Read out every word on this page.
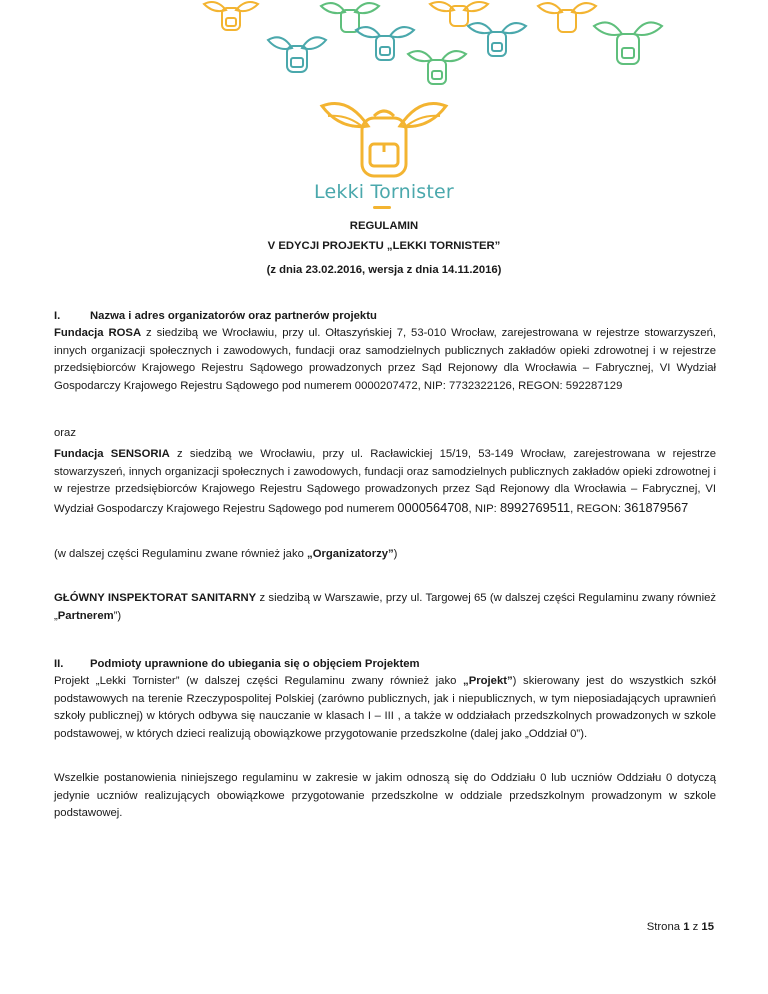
Lekki Tornister
REGULAMIN
V EDYCJI PROJEKTU „LEKKI TORNISTER”
(z dnia 23.02.2016, wersja z dnia 14.11.2016)
I.	Nazwa i adres organizatorów oraz partnerów projektu
Fundacja ROSA z siedzibą we Wrocławiu, przy ul. Ołtaszyńskiej 7, 53-010 Wrocław, zarejestrowana w rejestrze stowarzyszeń, innych organizacji społecznych i zawodowych, fundacji oraz samodzielnych publicznych zakładów opieki zdrowotnej i w rejestrze przedsiębiorców Krajowego Rejestru Sądowego prowadzonych przez Sąd Rejonowy dla Wrocławia – Fabrycznej, VI Wydział Gospodarczy Krajowego Rejestru Sądowego pod numerem 0000207472, NIP: 7732322126, REGON: 592287129
oraz
Fundacja SENSORIA z siedzibą we Wrocławiu, przy ul. Racławickiej 15/19, 53-149 Wrocław, zarejestrowana w rejestrze stowarzyszeń, innych organizacji społecznych i zawodowych, fundacji oraz samodzielnych publicznych zakładów opieki zdrowotnej i w rejestrze przedsiębiorców Krajowego Rejestru Sądowego prowadzonych przez Sąd Rejonowy dla Wrocławia – Fabrycznej, VI Wydział Gospodarczy Krajowego Rejestru Sądowego pod numerem 0000564708, NIP: 8992769511, REGON: 361879567
(w dalszej części Regulaminu zwane również jako „Organizatorzy”)
GŁÓWNY INSPEKTORAT SANITARNY z siedzibą w Warszawie, przy ul. Targowej 65 (w dalszej części Regulaminu zwany również „Partnerem”)
II. Podmioty uprawnione do ubiegania się o objęciem Projektem
Projekt „Lekki Tornister” (w dalszej części Regulaminu zwany również jako „Projekt”) skierowany jest do wszystkich szkół podstawowych na terenie Rzeczypospolitej Polskiej (zarówno publicznych, jak i niepublicznych, w tym nieposiadających uprawnień szkoły publicznej) w których odbywa się nauczanie w klasach I – III , a także w oddziałach przedszkolnych prowadzonych w szkole podstawowej, w których dzieci realizują obowiązkowe przygotowanie przedszkolne (dalej jako „Oddział 0”).
Wszelkie postanowienia niniejszego regulaminu w zakresie w jakim odnoszą się do Oddziału 0 lub uczniów Oddziału 0 dotyczą jedynie uczniów realizujących obowiązkowe przygotowanie przedszkolne w oddziale przedszkolnym prowadzonym w szkole podstawowej.
Strona 1 z 15
